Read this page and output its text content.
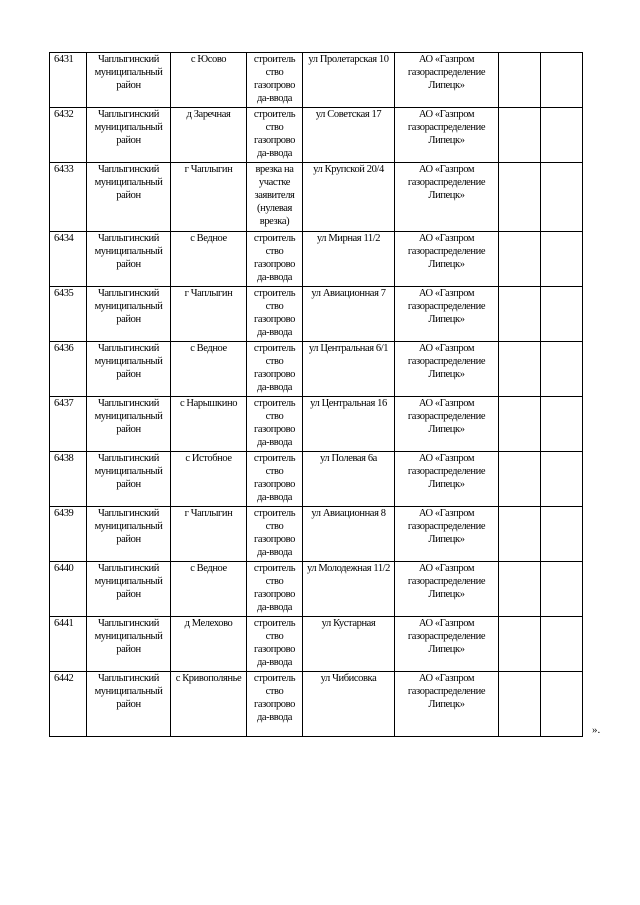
6431	Чаплыгинский муниципальный район	с Юсово	строитель ство газопрово да-ввода	ул Пролетарская 10	АО «Газпром газораспределение Липецк»		
6432	Чаплыгинский муниципальный район	д Заречная	строитель ство газопрово да-ввода	ул Советская 17	АО «Газпром газораспределение Липецк»		
6433	Чаплыгинский муниципальный район	г Чаплыгин	врезка на участке заявителя (нулевая врезка)	ул Крупской 20/4	АО «Газпром газораспределение Липецк»		
6434	Чаплыгинский муниципальный район	с Ведное	строитель ство газопрово да-ввода	ул Мирная 11/2	АО «Газпром газораспределение Липецк»		
6435	Чаплыгинский муниципальный район	г Чаплыгин	строитель ство газопрово да-ввода	ул Авиационная 7	АО «Газпром газораспределение Липецк»		
6436	Чаплыгинский муниципальный район	с Ведное	строитель ство газопрово да-ввода	ул Центральная 6/1	АО «Газпром газораспределение Липецк»		
6437	Чаплыгинский муниципальный район	с Нарышкино	строитель ство газопрово да-ввода	ул Центральная 16	АО «Газпром газораспределение Липецк»		
6438	Чаплыгинский муниципальный район	с Истобное	строитель ство газопрово да-ввода	ул Полевая 6а	АО «Газпром газораспределение Липецк»		
6439	Чаплыгинский муниципальный район	г Чаплыгин	строитель ство газопрово да-ввода	ул Авиационная 8	АО «Газпром газораспределение Липецк»		
6440	Чаплыгинский муниципальный район	с Ведное	строитель ство газопрово да-ввода	ул Молодежная 11/2	АО «Газпром газораспределение Липецк»		
6441	Чаплыгинский муниципальный район	д Мелехово	строитель ство газопрово да-ввода	ул Кустарная	АО «Газпром газораспределение Липецк»		
6442	Чаплыгинский муниципальный район	с Кривополянье	строитель ство газопрово да-ввода	ул Чибисовка	АО «Газпром газораспределение Липецк»		
».
